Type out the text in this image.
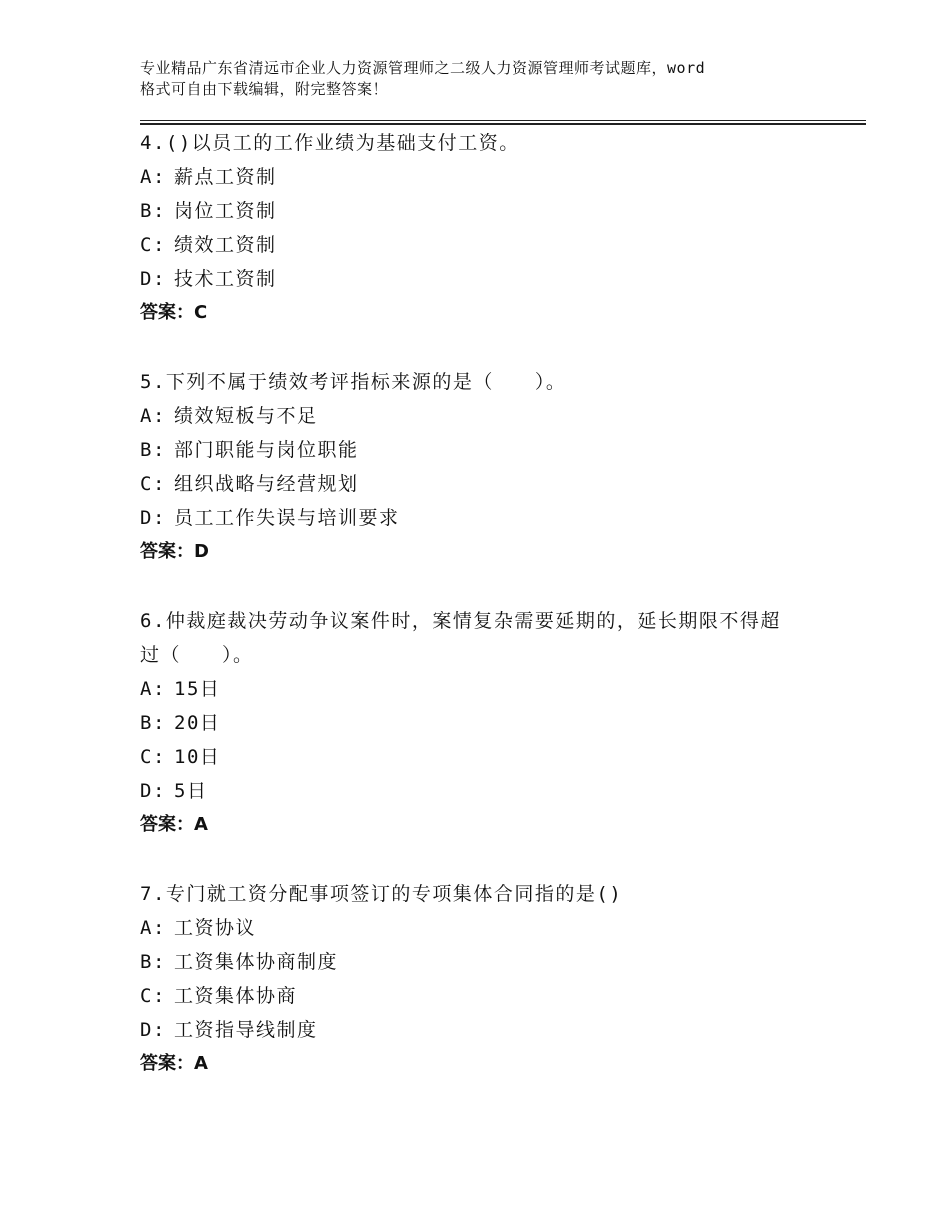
专业精品广东省清远市企业人力资源管理师之二级人力资源管理师考试题库，word
格式可自由下载编辑，附完整答案！
4.()以员工的工作业绩为基础支付工资。
A: 薪点工资制
B: 岗位工资制
C: 绩效工资制
D: 技术工资制
答案：C
5.下列不属于绩效考评指标来源的是（　　）。
A: 绩效短板与不足
B: 部门职能与岗位职能
C: 组织战略与经营规划
D: 员工工作失误与培训要求
答案：D
6.仲裁庭裁决劳动争议案件时，案情复杂需要延期的，延长期限不得超过（　　）。
A: 15日
B: 20日
C: 10日
D: 5日
答案：A
7.专门就工资分配事项签订的专项集体合同指的是()
A: 工资协议
B: 工资集体协商制度
C: 工资集体协商
D: 工资指导线制度
答案：A
